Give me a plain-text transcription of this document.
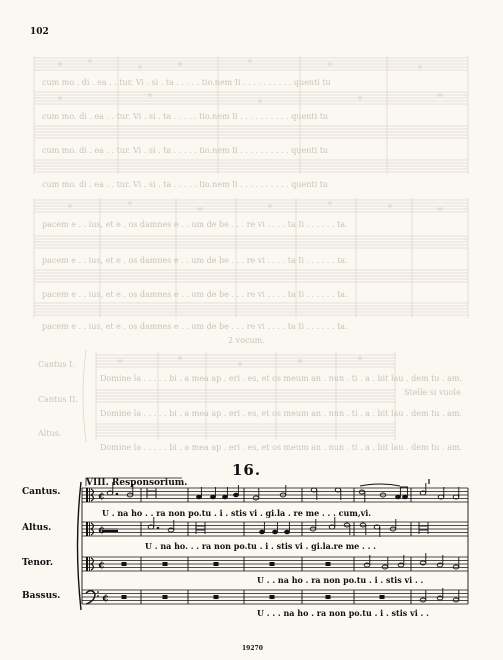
102
cum mo . di . ea . . tur. Vi . si . ta . . . . . tio.nem Ii . . . . . . . . . . quenti tu
cum mo. di . ea . . tur. Vi . si . ta . . . . . tio.nem Ii . . . . . . . . . . quenti tu
cum mo. di . ea . . tur. Vi . si . ta . . . . . tio.nem Ii . . . . . . . . . . quenti tu
cum mo. di . ea . . tur. Vi . si . ta . . . . . tio.nem Ii . . . . . . . . . . quenti tu
pacem e . . ius, et e . os damnes e . . um de be . . . re vi . . . . ta Ii . . . . . . ta.
pacem e . . ius, et e . os damnes e . . um de be . . . re vi . . . . ta Ii . . . . . . ta.
pacem e . . ius, et e . os damnes e . . um de be . . . re vi . . . . ta Ii . . . . . . ta.
pacem e . . ius, et e . os damnes e . . um de be . . . re vi . . . . ta Ii . . . . . . ta.
2 vocum.
Cantus I.
Cantus II.
Altus.
Domine la . . . . . bi . a mea ap . eri . es, et os meum an . nun . ti . a . bit lau . dem tu . am.
Domine la . . . . . bi . a mea ap . eri . es, et os meum an . nun . ti . a . bit lau . dem tu . am.
Domine la . . . . . bi . a mea ap . eri . es, et os meum an . nun . ti . a . bit lau . dem tu . am.
Stelle si vuole
16.
VIII. Responsorium.
Cantus.
Altus.
Tenor.
Bassus.
¢
¢
¢
¢
U . na ho . . ra non po.tu . i . stis vi . gi.la . re me . . . cum,vi.
U . na ho. . . ra non po.tu . i . stis vi . gi.la.re me . . .
U . . na ho . ra non po.tu . i . stis vi . .
U . . . na ho . ra non po.tu . i . stis vi . .
19270
